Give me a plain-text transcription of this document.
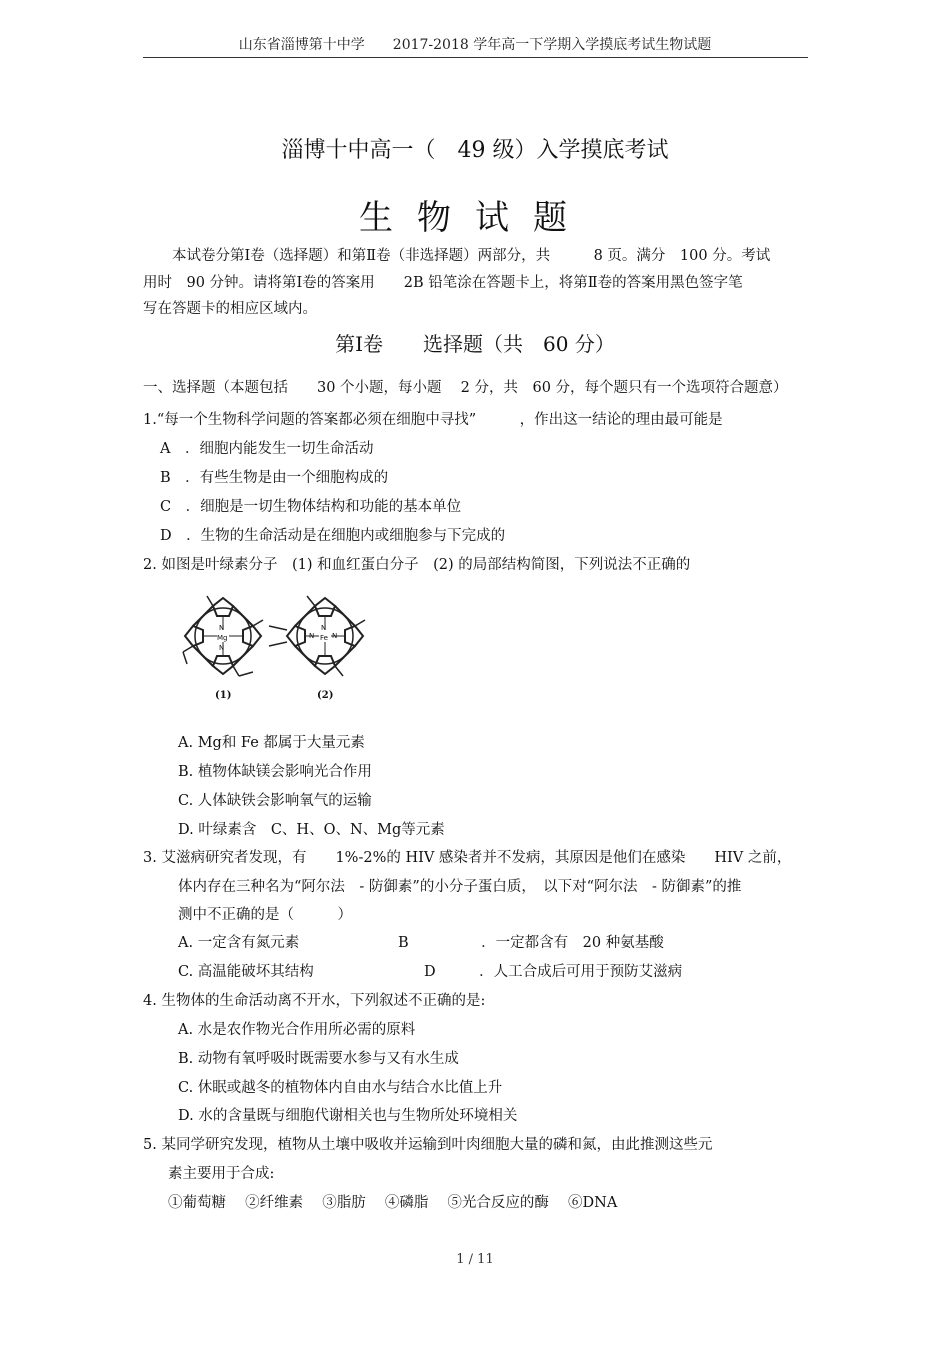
山东省淄博第十中学　　2017-2018 学年高一下学期入学摸底考试生物试题
淄博十中高一（　49 级）入学摸底考试
生物试题
本试卷分第Ⅰ卷（选择题）和第Ⅱ卷（非选择题）两部分，共　　　8 页。满分　100 分。考试
用时　90 分钟。请将第Ⅰ卷的答案用　　2B 铅笔涂在答题卡上，将第Ⅱ卷的答案用黑色签字笔
写在答题卡的相应区域内。
第Ⅰ卷　　选择题（共　60 分）
一、选择题（本题包括　　30 个小题，每小题　 2 分，共　60 分，每个题只有一个选项符合题意）
1.“每一个生物科学问题的答案都必须在细胞中寻找”　　　，作出这一结论的理由最可能是
A　．细胞内能发生一切生命活动
B　．有些生物是由一个细胞构成的
C　．细胞是一切生物体结构和功能的基本单位
D　．生物的生命活动是在细胞内或细胞参与下完成的
2. 如图是叶绿素分子　(1) 和血红蛋白分子　(2) 的局部结构简图，下列说法不正确的
N
Mg
N
N
N
Fe N
(1)	(2)
A. Mg和 Fe 都属于大量元素
B. 植物体缺镁会影响光合作用
C. 人体缺铁会影响氧气的运输
D. 叶绿素含　C、H、O、N、Mg等元素
3. 艾滋病研究者发现，有　　1%-2%的 HIV 感染者并不发病，其原因是他们在感染　　HIV 之前，
体内存在三种名为“阿尔法　- 防御素”的小分子蛋白质，　以下对“阿尔法　- 防御素”的推
测中不正确的是（　　　）
A. 一定含有氮元素	B　　　　　．一定都含有　20 种氨基酸
C. 高温能破坏其结构	D　　　．人工合成后可用于预防艾滋病
4. 生物体的生命活动离不开水，下列叙述不正确的是:
A. 水是农作物光合作用所必需的原料
B. 动物有氧呼吸时既需要水参与又有水生成
C. 休眠或越冬的植物体内自由水与结合水比值上升
D. 水的含量既与细胞代谢相关也与生物所处环境相关
5. 某同学研究发现，植物从土壤中吸收并运输到叶肉细胞大量的磷和氮，由此推测这些元
素主要用于合成:
①葡萄糖　 ②纤维素　 ③脂肪　 ④磷脂　 ⑤光合反应的酶　 ⑥DNA
1 / 11
